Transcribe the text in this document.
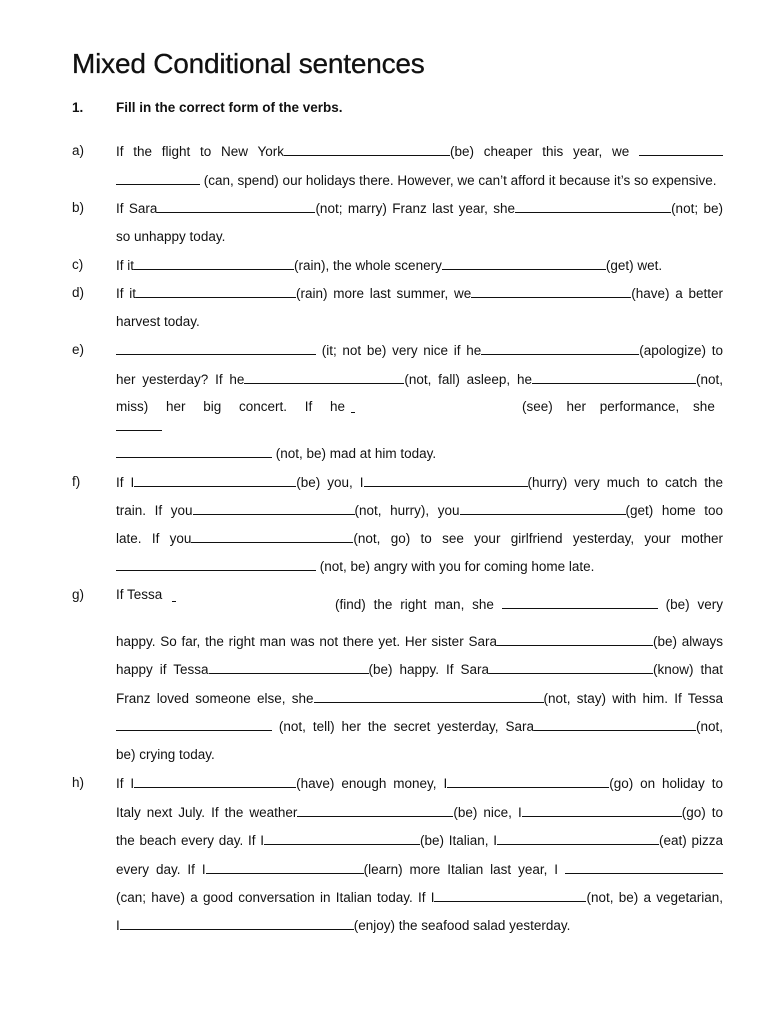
Mixed Conditional sentences
1. Fill in the correct form of the verbs.
a) If the flight to New York	(be) cheaper this year, we
(can, spend) our holidays there. However, we can’t afford it because it’s so expensive.
b) If Sara	(not; marry) Franz last year, she	(not; be)
so unhappy today.
c) If it	(rain), the whole scenery	(get) wet.
d) If it	(rain) more last summer, we	(have) a better
harvest today.
e)	(it; not be) very nice if he	(apologize) to
her yesterday? If he	(not, fall) asleep, he	(not,
miss) her big concert. If he	(see) her performance, she
(not, be) mad at him today.
f)	If I	(be) you, I	(hurry) very much to catch the
train. If you	(not, hurry), you	(get) home too
late. If you	(not, go) to see your girlfriend yesterday, your mother
(not, be) angry with you for coming home late.
g) If Tessa
(find) the right man, she	(be) very
happy. So far, the right man was not there yet. Her sister Sara	(be) always
happy if Tessa	(be) happy. If Sara	(know) that
Franz loved someone else, she	(not, stay) with him. If Tessa
(not, tell) her the secret yesterday, Sara	(not,
be) crying today.
h) If I	(have) enough money, I	(go) on holiday to
Italy next July. If the weather	(be) nice, I	(go) to
the beach every day. If I	(be) Italian, I	(eat) pizza
every day. If I	(learn) more Italian last year, I
(can; have) a good conversation in Italian today. If I	(not, be) a vegetarian,
I	(enjoy) the seafood salad yesterday.
